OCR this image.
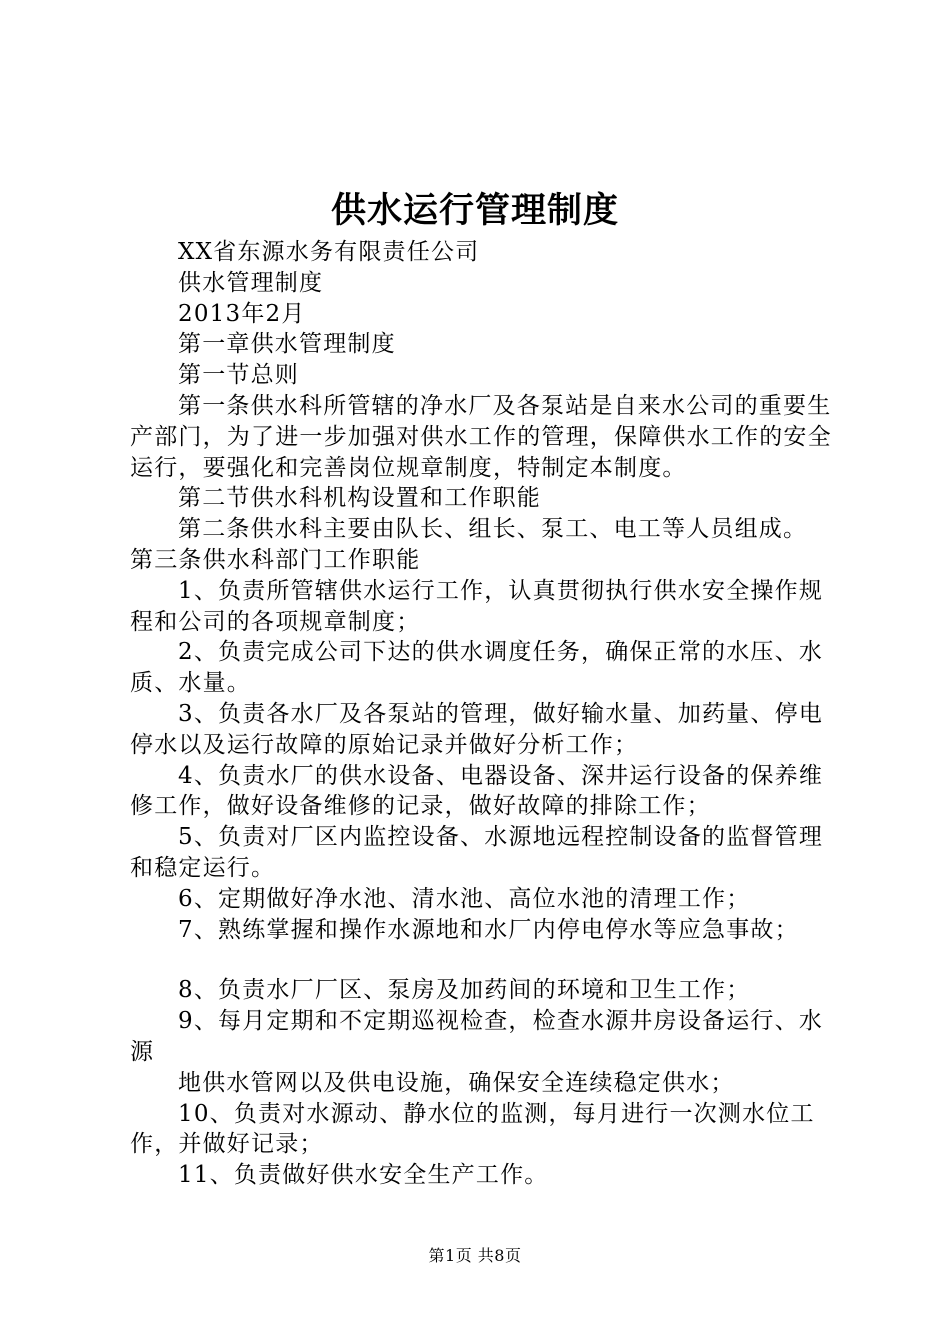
供水运行管理制度

XX省东源水务有限责任公司

供水管理制度

2013年2月

第一章供水管理制度

第一节总则

第一条供水科所管辖的净水厂及各泵站是自来水公司的重要生产部门，为了进一步加强对供水工作的管理，保障供水工作的安全运行，要强化和完善岗位规章制度，特制定本制度。

第二节供水科机构设置和工作职能

第二条供水科主要由队长、组长、泵工、电工等人员组成。

第三条供水科部门工作职能

1、负责所管辖供水运行工作，认真贯彻执行供水安全操作规程和公司的各项规章制度；

2、负责完成公司下达的供水调度任务，确保正常的水压、水质、水量。

3、负责各水厂及各泵站的管理，做好输水量、加药量、停电停水以及运行故障的原始记录并做好分析工作；

4、负责水厂的供水设备、电器设备、深井运行设备的保养维修工作，做好设备维修的记录，做好故障的排除工作；

5、负责对厂区内监控设备、水源地远程控制设备的监督管理和稳定运行。

6、定期做好净水池、清水池、高位水池的清理工作；

7、熟练掌握和操作水源地和水厂内停电停水等应急事故；

8、负责水厂厂区、泵房及加药间的环境和卫生工作；

9、每月定期和不定期巡视检查，检查水源井房设备运行、水源

地供水管网以及供电设施，确保安全连续稳定供水；

10、负责对水源动、静水位的监测，每月进行一次测水位工作，并做好记录；

11、负责做好供水安全生产工作。

第1页 共8页
